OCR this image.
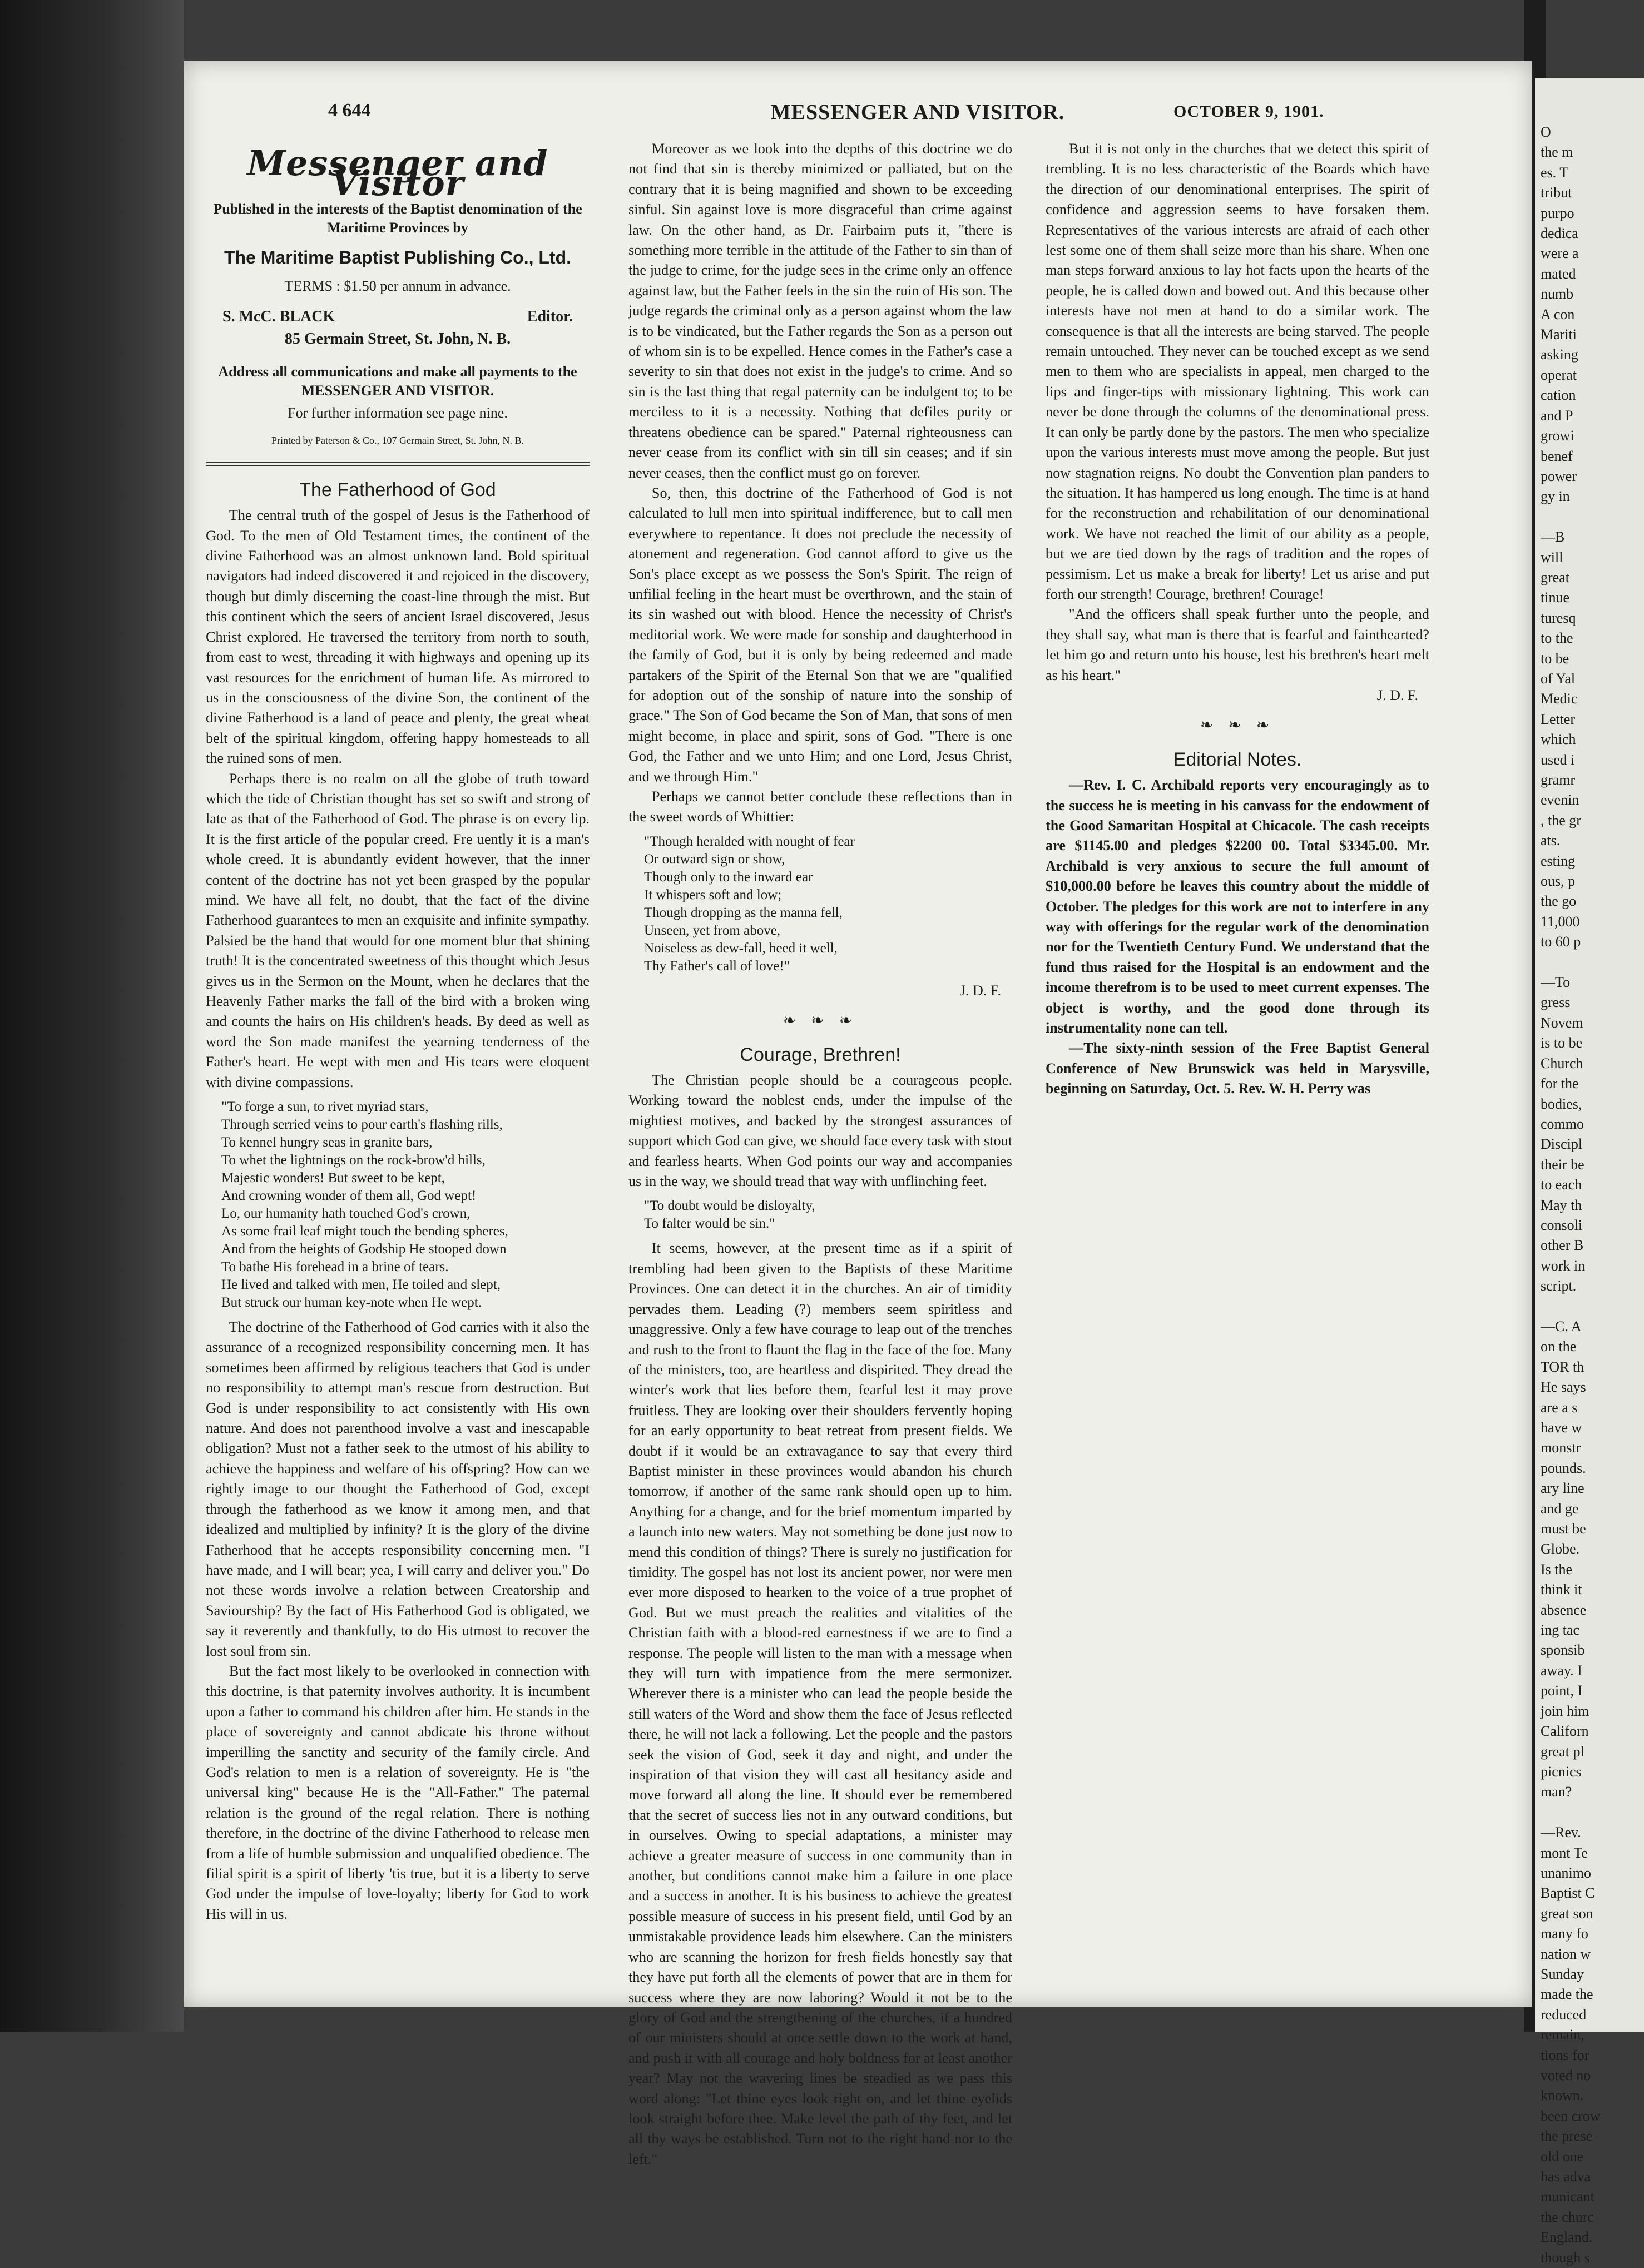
4 644	MESSENGER AND VISITOR.	OCTOBER 9, 1901.
Messenger and Visitor
Published in the interests of the Baptist denomination of the Maritime Provinces by
The Maritime Baptist Publishing Co., Ltd.
TERMS : $1.50 per annum in advance.
S. McC. BLACK	Editor.
85 Germain Street, St. John, N. B.
Address all communications and make all payments to the MESSENGER AND VISITOR.
For further information see page nine.
Printed by Paterson & Co., 107 Germain Street, St. John, N. B.
The Fatherhood of God

The central truth of the gospel of Jesus is the Fatherhood of God. To the men of Old Testament times, the continent of the divine Fatherhood was an almost unknown land. Bold spiritual navigators had indeed discovered it and rejoiced in the discovery, though but dimly discerning the coast-line through the mist. But this continent which the seers of ancient Israel discovered, Jesus Christ explored. He traversed the territory from north to south, from east to west, threading it with highways and opening up its vast resources for the enrichment of human life. As mirrored to us in the consciousness of the divine Son, the continent of the divine Fatherhood is a land of peace and plenty, the great wheat belt of the spiritual kingdom, offering happy homesteads to all the ruined sons of men.

Perhaps there is no realm on all the globe of truth toward which the tide of Christian thought has set so swift and strong of late as that of the Fatherhood of God. The phrase is on every lip. It is the first article of the popular creed. Fre uently it is a man's whole creed. It is abundantly evident however, that the inner content of the doctrine has not yet been grasped by the popular mind. We have all felt, no doubt, that the fact of the divine Fatherhood guarantees to men an exquisite and infinite sympathy. Palsied be the hand that would for one moment blur that shining truth! It is the concentrated sweetness of this thought which Jesus gives us in the Sermon on the Mount, when he declares that the Heavenly Father marks the fall of the bird with a broken wing and counts the hairs on His children's heads. By deed as well as word the Son made manifest the yearning tenderness of the Father's heart. He wept with men and His tears were eloquent with divine compassions.

"To forge a sun, to rivet myriad stars,
Through serried veins to pour earth's flashing rills,
To kennel hungry seas in granite bars,
To whet the lightnings on the rock-brow'd hills,
Majestic wonders! But sweet to be kept,
And crowning wonder of them all, God wept!
Lo, our humanity hath touched God's crown,
As some frail leaf might touch the bending spheres,
And from the heights of Godship He stooped down
To bathe His forehead in a brine of tears.
He lived and talked with men, He toiled and slept,
But struck our human key-note when He wept.

The doctrine of the Fatherhood of God carries with it also the assurance of a recognized responsibility concerning men. It has sometimes been affirmed by religious teachers that God is under no responsibility to attempt man's rescue from destruction. But God is under responsibility to act consistently with His own nature. And does not parenthood involve a vast and inescapable obligation? Must not a father seek to the utmost of his ability to achieve the happiness and welfare of his offspring? How can we rightly image to our thought the Fatherhood of God, except through the fatherhood as we know it among men, and that idealized and multiplied by infinity? It is the glory of the divine Fatherhood that he accepts responsibility concerning men. "I have made, and I will bear; yea, I will carry and deliver you." Do not these words involve a relation between Creatorship and Saviourship? By the fact of His Fatherhood God is obligated, we say it reverently and thankfully, to do His utmost to recover the lost soul from sin.

But the fact most likely to be overlooked in connection with this doctrine, is that paternity involves authority. It is incumbent upon a father to command his children after him. He stands in the place of sovereignty and cannot abdicate his throne without imperilling the sanctity and security of the family circle. And God's relation to men is a relation of sovereignty. He is "the universal king" because He is the "All-Father." The paternal relation is the ground of the regal relation. There is nothing therefore, in the doctrine of the divine Fatherhood to release men from a life of humble submission and unqualified obedience. The filial spirit is a spirit of liberty 'tis true, but it is a liberty to serve God under the impulse of love-loyalty; liberty for God to work His will in us.

Moreover as we look into the depths of this doctrine we do not find that sin is thereby minimized or palliated, but on the contrary that it is being magnified and shown to be exceeding sinful. Sin against love is more disgraceful than crime against law. On the other hand, as Dr. Fairbairn puts it, "there is something more terrible in the attitude of the Father to sin than of the judge to crime, for the judge sees in the crime only an offence against law, but the Father feels in the sin the ruin of His son. The judge regards the criminal only as a person against whom the law is to be vindicated, but the Father regards the Son as a person out of whom sin is to be expelled. Hence comes in the Father's case a severity to sin that does not exist in the judge's to crime. And so sin is the last thing that regal paternity can be indulgent to; to be merciless to it is a necessity. Nothing that defiles purity or threatens obedience can be spared." Paternal righteousness can never cease from its conflict with sin till sin ceases; and if sin never ceases, then the conflict must go on forever.

So, then, this doctrine of the Fatherhood of God is not calculated to lull men into spiritual indifference, but to call men everywhere to repentance. It does not preclude the necessity of atonement and regeneration. God cannot afford to give us the Son's place except as we possess the Son's Spirit. The reign of unfilial feeling in the heart must be overthrown, and the stain of its sin washed out with blood. Hence the necessity of Christ's meditorial work. We were made for sonship and daughterhood in the family of God, but it is only by being redeemed and made partakers of the Spirit of the Eternal Son that we are "qualified for adoption out of the sonship of nature into the sonship of grace." The Son of God became the Son of Man, that sons of men might become, in place and spirit, sons of God. "There is one God, the Father and we unto Him; and one Lord, Jesus Christ, and we through Him."

Perhaps we cannot better conclude these reflections than in the sweet words of Whittier:

"Though heralded with nought of fear
Or outward sign or show,
Though only to the inward ear
It whispers soft and low;
Though dropping as the manna fell,
Unseen, yet from above,
Noiseless as dew-fall, heed it well,
Thy Father's call of love!"

J. D. F.

❧ ❧ ❧
Courage, Brethren!

The Christian people should be a courageous people. Working toward the noblest ends, under the impulse of the mightiest motives, and backed by the strongest assurances of support which God can give, we should face every task with stout and fearless hearts. When God points our way and accompanies us in the way, we should tread that way with unflinching feet.

"To doubt would be disloyalty,
To falter would be sin."

It seems, however, at the present time as if a spirit of trembling had been given to the Baptists of these Maritime Provinces. One can detect it in the churches. An air of timidity pervades them. Leading (?) members seem spiritless and unaggressive. Only a few have courage to leap out of the trenches and rush to the front to flaunt the flag in the face of the foe. Many of the ministers, too, are heartless and dispirited. They dread the winter's work that lies before them, fearful lest it may prove fruitless. They are looking over their shoulders fervently hoping for an early opportunity to beat retreat from present fields. We doubt if it would be an extravagance to say that every third Baptist minister in these provinces would abandon his church tomorrow, if another of the same rank should open up to him. Anything for a change, and for the brief momentum imparted by a launch into new waters. May not something be done just now to mend this condition of things? There is surely no justification for timidity. The gospel has not lost its ancient power, nor were men ever more disposed to hearken to the voice of a true prophet of God. But we must preach the realities and vitalities of the Christian faith with a blood-red earnestness if we are to find a response. The people will listen to the man with a message when they will turn with impatience from the mere sermonizer. Wherever there is a minister who can lead the people beside the still waters of the Word and show them the face of Jesus reflected there, he will not lack a following. Let the people and the pastors seek the vision of God, seek it day and night, and under the inspiration of that vision they will cast all hesitancy aside and move forward all along the line. It should ever be remembered that the secret of success lies not in any outward conditions, but in ourselves. Owing to special adaptations, a minister may achieve a greater measure of success in one community than in another, but conditions cannot make him a failure in one place and a success in another. It is his business to achieve the greatest possible measure of success in his present field, until God by an unmistakable providence leads him elsewhere. Can the ministers who are scanning the horizon for fresh fields honestly say that they have put forth all the elements of power that are in them for success where they are now laboring? Would it not be to the glory of God and the strengthening of the churches, if a hundred of our ministers should at once settle down to the work at hand, and push it with all courage and holy boldness for at least another year? May not the wavering lines be steadied as we pass this word along: "Let thine eyes look right on, and let thine eyelids look straight before thee. Make level the path of thy feet, and let all thy ways be established. Turn not to the right hand nor to the left."

But it is not only in the churches that we detect this spirit of trembling. It is no less characteristic of the Boards which have the direction of our denominational enterprises. The spirit of confidence and aggression seems to have forsaken them. Representatives of the various interests are afraid of each other lest some one of them shall seize more than his share. When one man steps forward anxious to lay hot facts upon the hearts of the people, he is called down and bowed out. And this because other interests have not men at hand to do a similar work. The consequence is that all the interests are being starved. The people remain untouched. They never can be touched except as we send men to them who are specialists in appeal, men charged to the lips and finger-tips with missionary lightning. This work can never be done through the columns of the denominational press. It can only be partly done by the pastors. The men who specialize upon the various interests must move among the people. But just now stagnation reigns. No doubt the Convention plan panders to the situation. It has hampered us long enough. The time is at hand for the reconstruction and rehabilitation of our denominational work. We have not reached the limit of our ability as a people, but we are tied down by the rags of tradition and the ropes of pessimism. Let us make a break for liberty! Let us arise and put forth our strength! Courage, brethren! Courage!

"And the officers shall speak further unto the people, and they shall say, what man is there that is fearful and fainthearted? let him go and return unto his house, lest his brethren's heart melt as his heart."

J. D. F.

❧ ❧ ❧
Editorial Notes.

—Rev. I. C. Archibald reports very encouragingly as to the success he is meeting in his canvass for the endowment of the Good Samaritan Hospital at Chicacole. The cash receipts are $1145.00 and pledges $2200 00. Total $3345.00. Mr. Archibald is very anxious to secure the full amount of $10,000.00 before he leaves this country about the middle of October. The pledges for this work are not to interfere in any way with offerings for the regular work of the denomination nor for the Twentieth Century Fund. We understand that the fund thus raised for the Hospital is an endowment and the income therefrom is to be used to meet current expenses. The object is worthy, and the good done through its instrumentality none can tell.

—The sixty-ninth session of the Free Baptist General Conference of New Brunswick was held in Marysville, beginning on Saturday, Oct. 5. Rev. W. H. Perry was

O
the m
es. T
tribut
purpo
dedica
were a
mated
numb
A con
Mariti
asking
operat
cation
and P
growi
benef
power
gy in

—B
will
great
tinue
turesq
to the
to be
of Yal
Medic
Letter
which
used i
gramr
evenin
, the gr
ats.
esting
ous, p
the go
11,000
to 60 p

—To
gress
Novem
is to be
Church
for the
bodies,
commo
Discipl
their be
to each
May th
consoli
other B
work in
script.

—C. A
on the
TOR th
He says
are a s
have w
monstr
pounds.
ary line
and ge
must be
Globe.
Is the
think it
absence
ing tac
sponsib
away. I
point, I
join him
Californ
great pl
picnics
man?

—Rev.
mont Te
unanimo
Baptist C
great son
many fo
nation w
Sunday
made the
reduced
remain,
tions for
voted no
known.
been crow
the prese
old one
has adva
municant
the churc
England.
though s
